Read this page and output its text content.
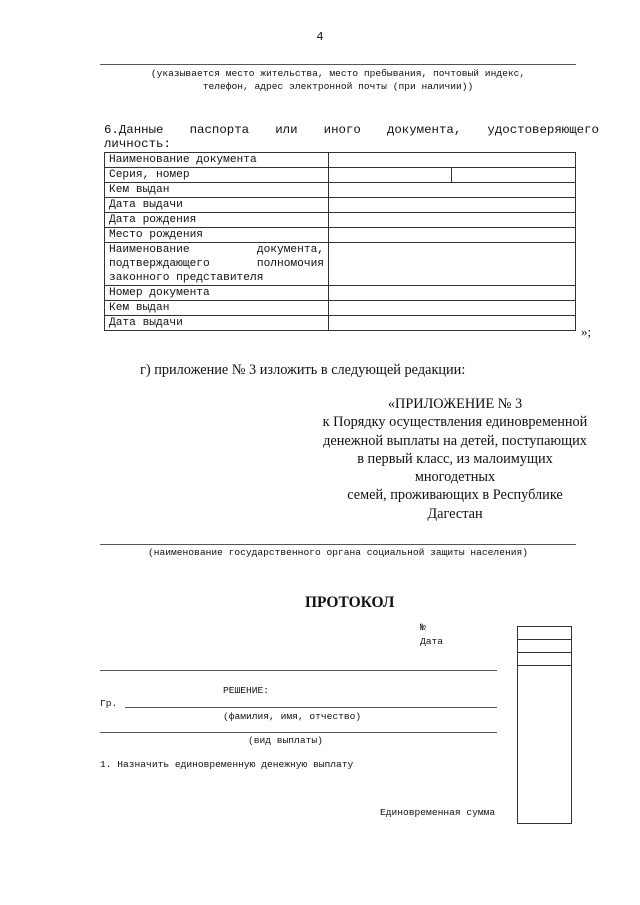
4
(указывается место жительства, место пребывания, почтовый индекс,
телефон, адрес электронной почты (при наличии))
6.Данные паспорта или иного документа, удостоверяющего
личность:
Наименование документа	
Серия, номер	

Кем выдан	
Дата выдачи	
Дата рождения	
Место рождения	

Наименование документа,
подтверждающего полномочия
законного представителя	

Номер документа	
Кем выдан	
Дата выдачи	
»;
г) приложение № 3 изложить в следующей редакции:
«ПРИЛОЖЕНИЕ № 3
к Порядку осуществления единовременной
денежной выплаты на детей, поступающих
в первый класс, из малоимущих
многодетных
семей, проживающих в Республике
Дагестан
(наименование государственного органа социальной защиты населения)
ПРОТОКОЛ
№
Дата
РЕШЕНИЕ:
Гр.
(фамилия, имя, отчество)
(вид выплаты)
1. Назначить единовременную денежную выплату
Единовременная сумма
